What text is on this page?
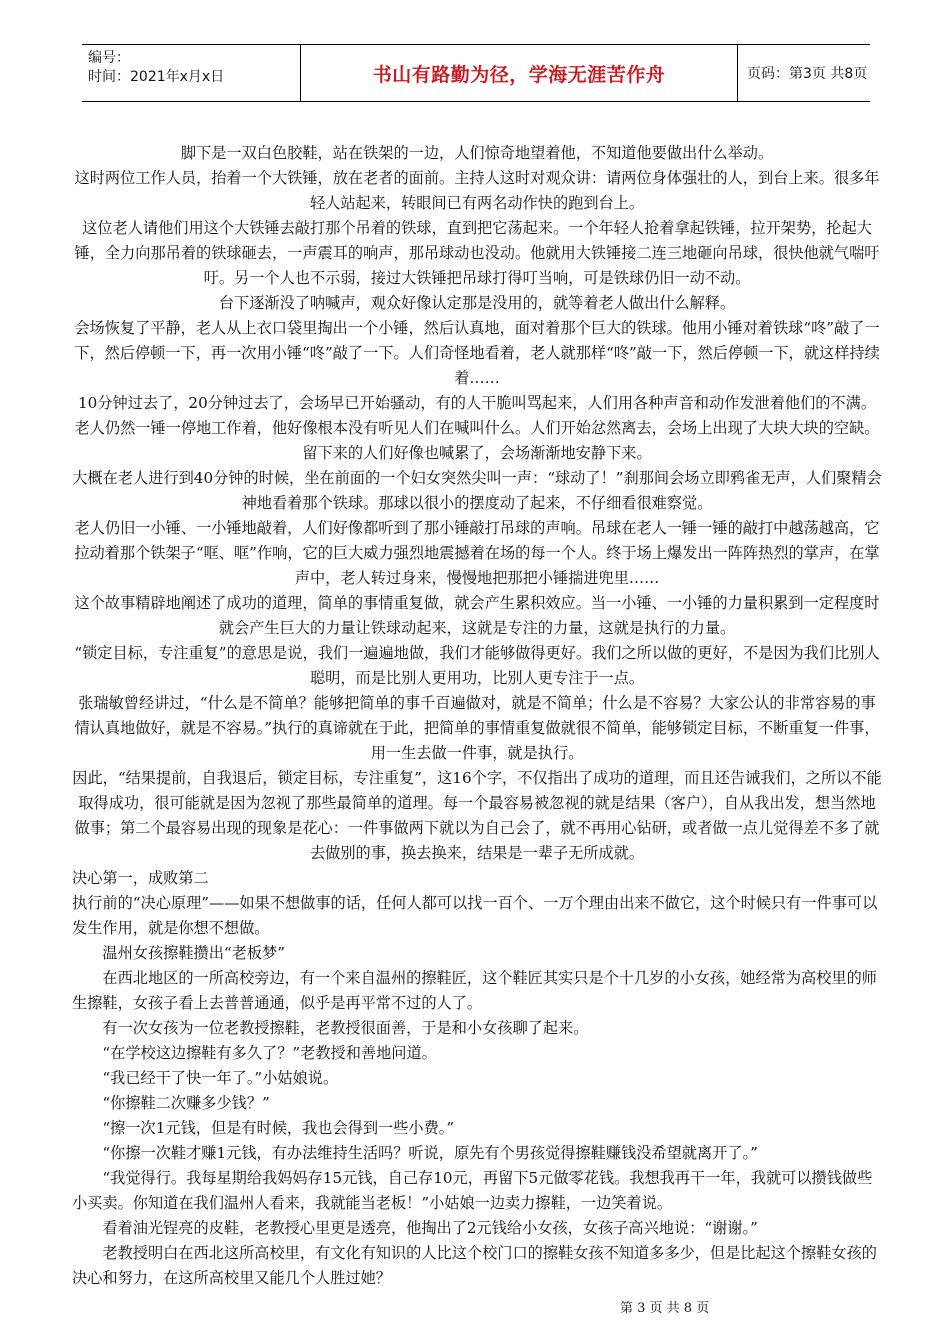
编号：
时间：2021年x月x日	书山有路勤为径，学海无涯苦作舟	页码：第3页 共8页

脚下是一双白色胶鞋，站在铁架的一边，人们惊奇地望着他，不知道他要做出什么举动。

这时两位工作人员，抬着一个大铁锤，放在老者的面前。主持人这时对观众讲：请两位身体强壮的人，到台上来。很多年轻人站起来，转眼间已有两名动作快的跑到台上。

这位老人请他们用这个大铁锤去敲打那个吊着的铁球，直到把它荡起来。一个年轻人抢着拿起铁锤，拉开架势，抡起大锤，全力向那吊着的铁球砸去，一声震耳的响声，那吊球动也没动。他就用大铁锤接二连三地砸向吊球，很快他就气喘吁吁。另一个人也不示弱，接过大铁锤把吊球打得叮当响，可是铁球仍旧一动不动。

台下逐渐没了呐喊声，观众好像认定那是没用的，就等着老人做出什么解释。

会场恢复了平静，老人从上衣口袋里掏出一个小锤，然后认真地，面对着那个巨大的铁球。他用小锤对着铁球“咚”敲了一下，然后停顿一下，再一次用小锤“咚”敲了一下。人们奇怪地看着，老人就那样“咚”敲一下，然后停顿一下，就这样持续着……

10分钟过去了，20分钟过去了，会场早已开始骚动，有的人干脆叫骂起来，人们用各种声音和动作发泄着他们的不满。老人仍然一锤一停地工作着，他好像根本没有听见人们在喊叫什么。人们开始忿然离去，会场上出现了大块大块的空缺。留下来的人们好像也喊累了，会场渐渐地安静下来。

大概在老人进行到40分钟的时候，坐在前面的一个妇女突然尖叫一声：“球动了！”刹那间会场立即鸦雀无声，人们聚精会神地看着那个铁球。那球以很小的摆度动了起来，不仔细看很难察觉。

老人仍旧一小锤、一小锤地敲着，人们好像都听到了那小锤敲打吊球的声响。吊球在老人一锤一锤的敲打中越荡越高，它拉动着那个铁架子“哐、哐”作响，它的巨大威力强烈地震撼着在场的每一个人。终于场上爆发出一阵阵热烈的掌声，在掌声中，老人转过身来，慢慢地把那把小锤揣进兜里……

这个故事精辟地阐述了成功的道理，简单的事情重复做，就会产生累积效应。当一小锤、一小锤的力量积累到一定程度时就会产生巨大的力量让铁球动起来，这就是专注的力量，这就是执行的力量。

“锁定目标，专注重复”的意思是说，我们一遍遍地做，我们才能够做得更好。我们之所以做的更好，不是因为我们比别人聪明，而是比别人更用功，比别人更专注于一点。

张瑞敏曾经讲过，“什么是不简单？能够把简单的事千百遍做对，就是不简单；什么是不容易？大家公认的非常容易的事情认真地做好，就是不容易。”执行的真谛就在于此，把简单的事情重复做就很不简单，能够锁定目标，不断重复一件事，用一生去做一件事，就是执行。

因此，“结果提前，自我退后，锁定目标，专注重复”，这16个字，不仅指出了成功的道理，而且还告诫我们，之所以不能取得成功，很可能就是因为忽视了那些最简单的道理。每一个最容易被忽视的就是结果（客户），自从我出发，想当然地做事；第二个最容易出现的现象是花心：一件事做两下就以为自己会了，就不再用心钻研，或者做一点儿觉得差不多了就去做别的事，换去换来，结果是一辈子无所成就。

决心第一，成败第二

执行前的“决心原理”——如果不想做事的话，任何人都可以找一百个、一万个理由出来不做它，这个时候只有一件事可以发生作用，就是你想不想做。

温州女孩擦鞋攒出“老板梦”

在西北地区的一所高校旁边，有一个来自温州的擦鞋匠，这个鞋匠其实只是个十几岁的小女孩，她经常为高校里的师生擦鞋，女孩子看上去普普通通，似乎是再平常不过的人了。

有一次女孩为一位老教授擦鞋，老教授很面善，于是和小女孩聊了起来。

“在学校这边擦鞋有多久了？”老教授和善地问道。

“我已经干了快一年了。”小姑娘说。

“你擦鞋二次赚多少钱？”

“擦一次1元钱，但是有时候，我也会得到一些小费。”

“你擦一次鞋才赚1元钱，有办法维持生活吗？听说，原先有个男孩觉得擦鞋赚钱没希望就离开了。”

“我觉得行。我每星期给我妈妈存15元钱，自己存10元，再留下5元做零花钱。我想我再干一年，我就可以攒钱做些小买卖。你知道在我们温州人看来，我就能当老板！”小姑娘一边卖力擦鞋，一边笑着说。

看着油光锃亮的皮鞋，老教授心里更是透亮，他掏出了2元钱给小女孩，女孩子高兴地说：“谢谢。”

老教授明白在西北这所高校里，有文化有知识的人比这个校门口的擦鞋女孩不知道多多少，但是比起这个擦鞋女孩的决心和努力，在这所高校里又能几个人胜过她？

第 3 页 共 8 页
